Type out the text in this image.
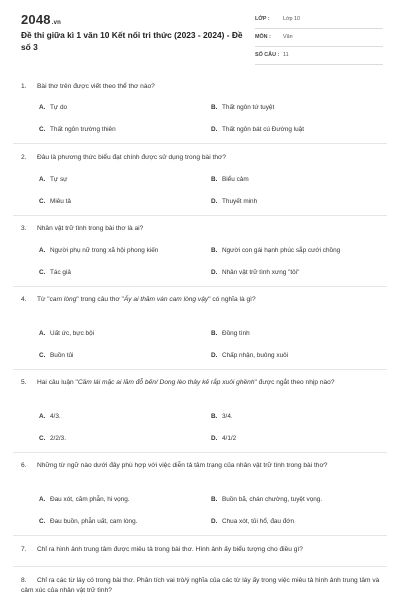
2048.vn
Đề thi giữa kì 1 văn 10 Kết nối tri thức (2023 - 2024) - Đề số 3
LỚP : Lớp 10
MÔN : Văn
SỐ CÂU : 11
1. Bài thơ trên được viết theo thể thơ nào?
A. Tự do	B. Thất ngôn tứ tuyệt
C. Thất ngôn trường thiên	D. Thất ngôn bát cú Đường luật
2. Đâu là phương thức biểu đạt chính được sử dụng trong bài thơ?
A. Tự sự	B. Biểu cảm
C. Miêu tả	D. Thuyết minh
3. Nhân vật trữ tình trong bài thơ là ai?
A. Người phụ nữ trong xã hội phong kiến	B. Người con gái hạnh phúc sắp cưới chồng
C. Tác giả	D. Nhân vật trữ tình xưng "tôi"
4. Từ "cam lòng" trong câu thơ "Ấy ai thăm ván cam lòng vậy" có nghĩa là gì?
A. Uất ức, bực bội	B. Đồng tình
C. Buồn tủi	D. Chấp nhận, buông xuôi
5. Hai câu luận "Cầm lái mặc ai lăm đỗ bến/ Dong lèo thây kẻ rắp xuôi ghềnh" được ngắt theo nhịp nào?
A. 4/3.	B. 3/4.
C. 2/2/3.	D. 4/1/2
6. Những từ ngữ nào dưới đây phù hợp với việc diễn tả tâm trạng của nhân vật trữ tình trong bài thơ?
A. Đau xót, căm phẫn, hi vọng.	B. Buồn bã, chán chường, tuyệt vọng.
C. Đau buồn, phẫn uất, cam lòng.	D. Chua xót, tủi hổ, đau đớn
7. Chỉ ra hình ảnh trung tâm được miêu tả trong bài thơ. Hình ảnh ấy biểu tượng cho điều gì?
8. Chỉ ra các từ láy có trong bài thơ. Phân tích vai trò/ý nghĩa của các từ láy ấy trong việc miêu tả hình ảnh trung tâm và cảm xúc của nhân vật trữ tình?
